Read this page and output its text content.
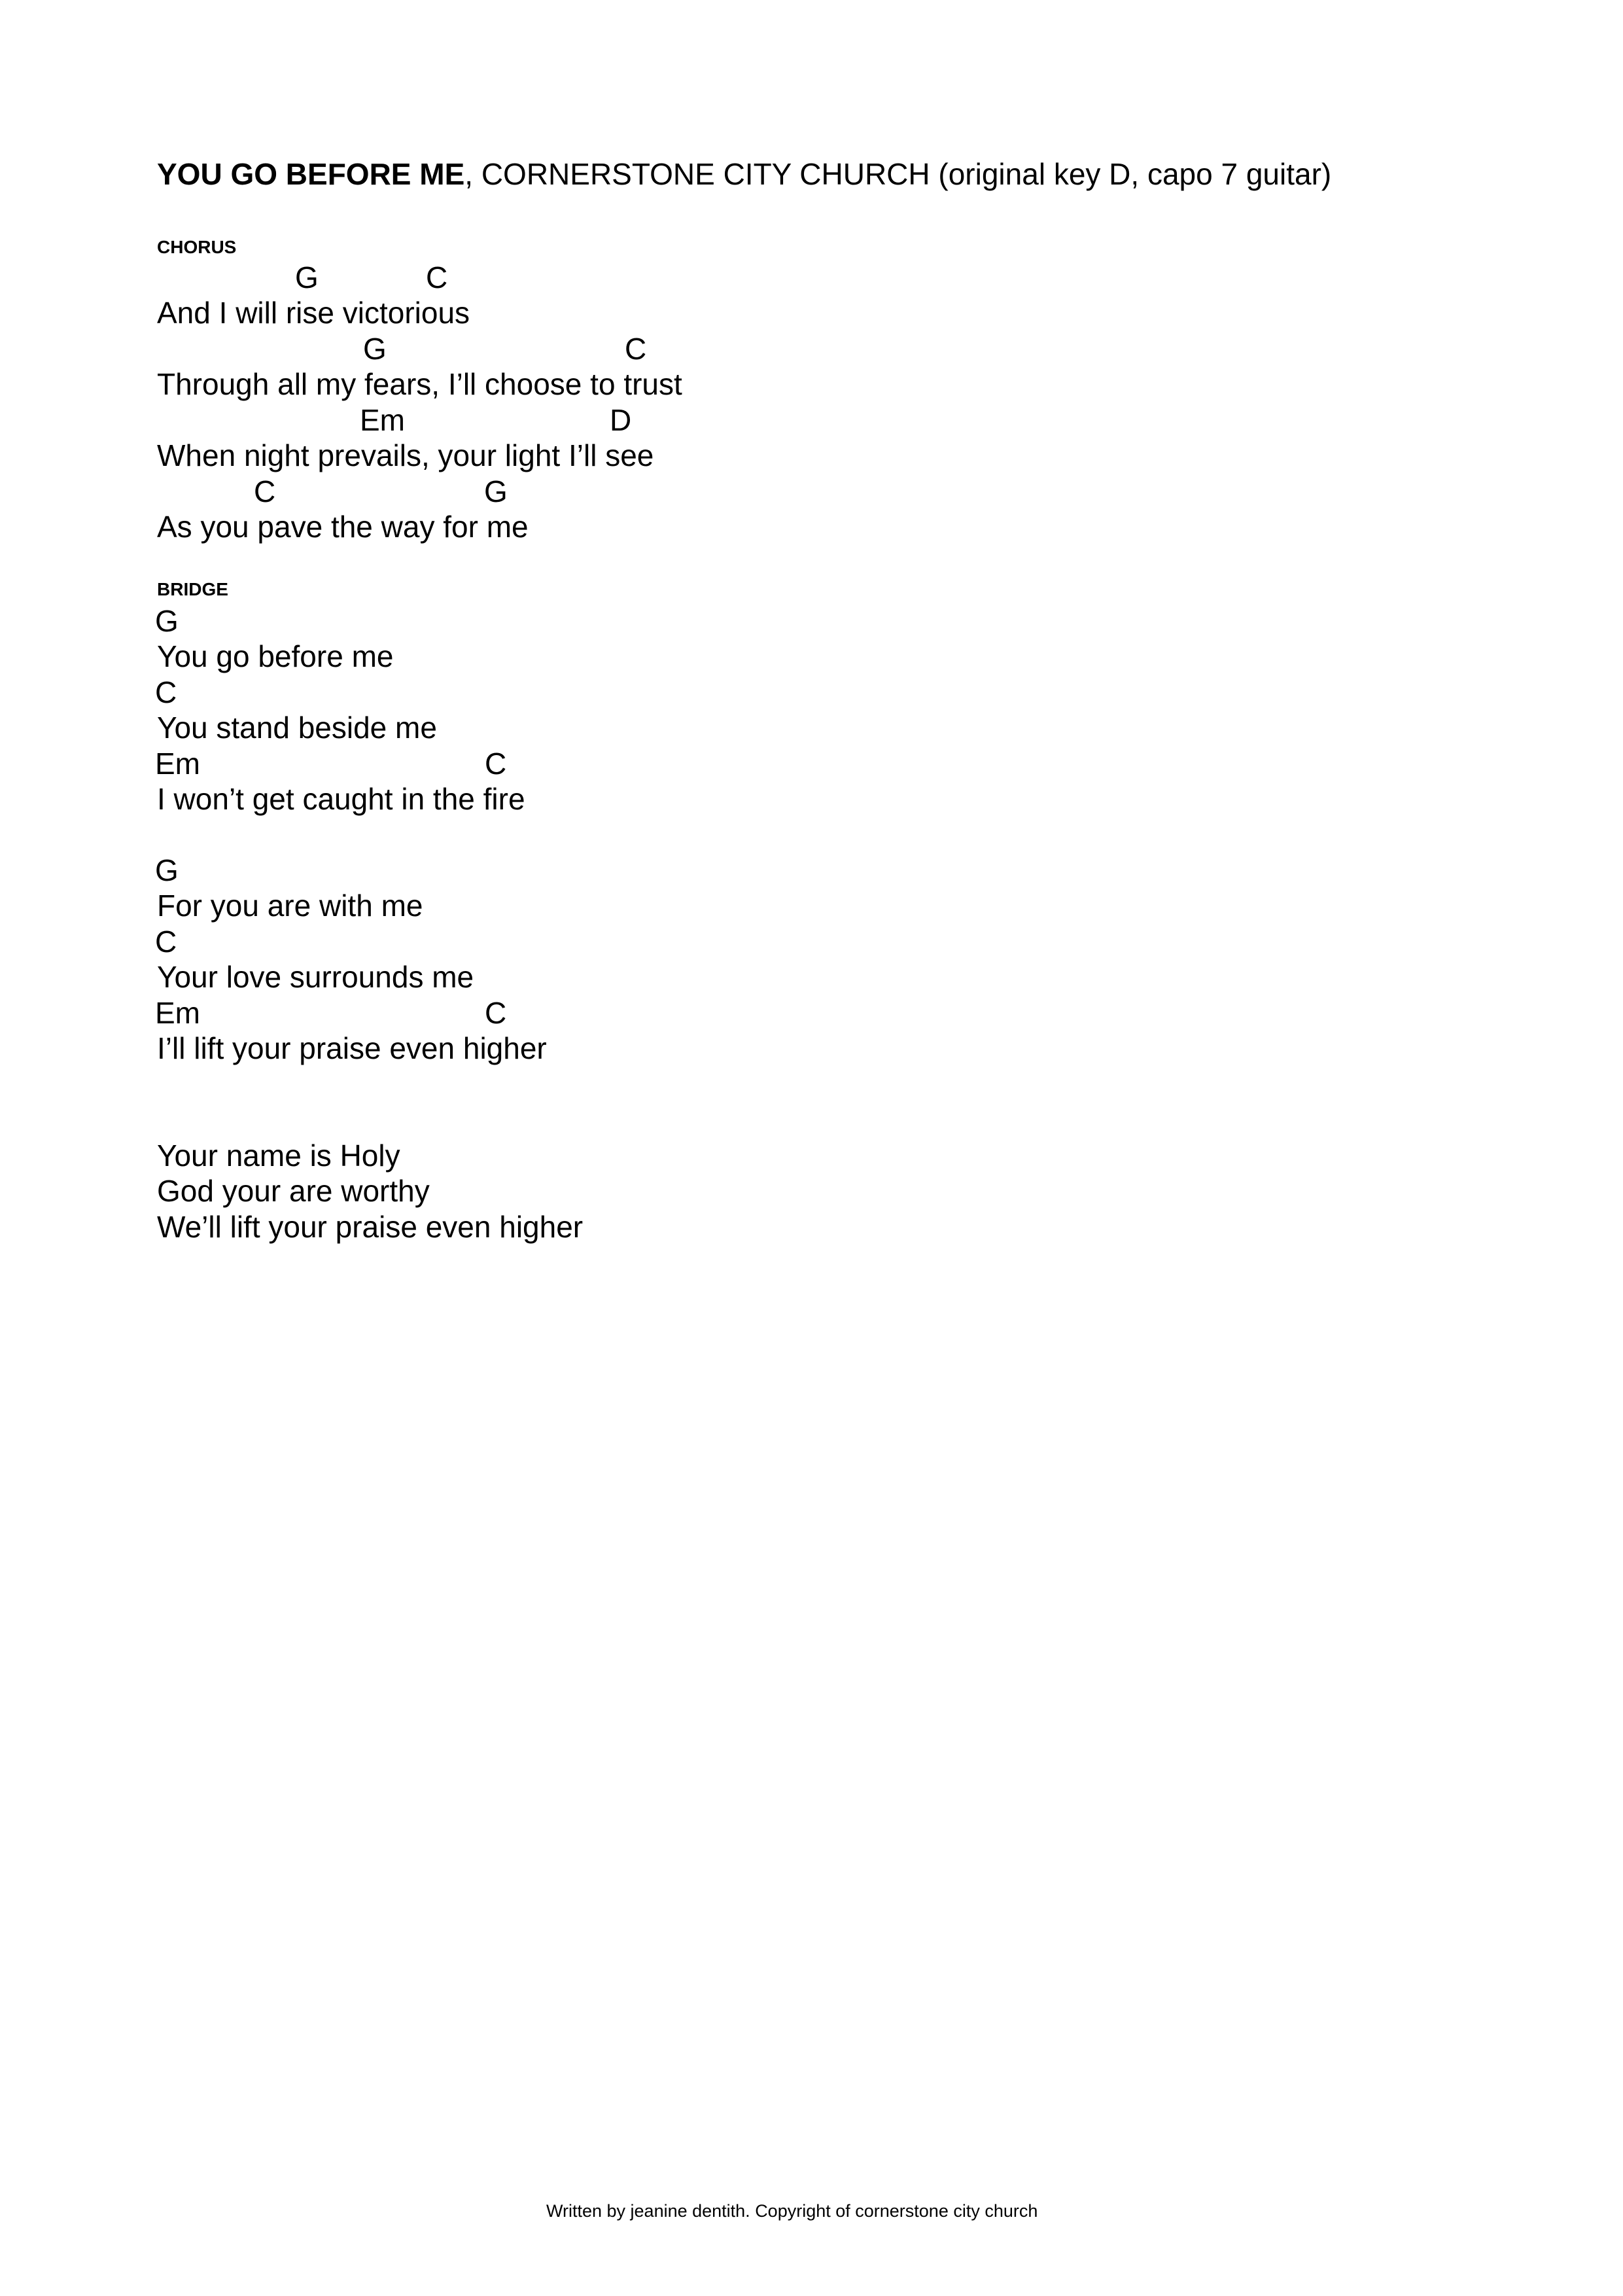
YOU GO BEFORE ME, CORNERSTONE CITY CHURCH (original key D, capo 7 guitar)
CHORUS
G	C
And I will rise victorious
G	C
Through all my fears, I’ll choose to trust
Em	D
When night prevails, your light I’ll see
C	G
As you pave the way for me
BRIDGE
G
You go before me
C
You stand beside me
Em	C
I won’t get caught in the fire
G
For you are with me
C
Your love surrounds me
Em	C
I’ll lift your praise even higher
Your name is Holy
God your are worthy
We’ll lift your praise even higher
Written by jeanine dentith. Copyright of cornerstone city church
